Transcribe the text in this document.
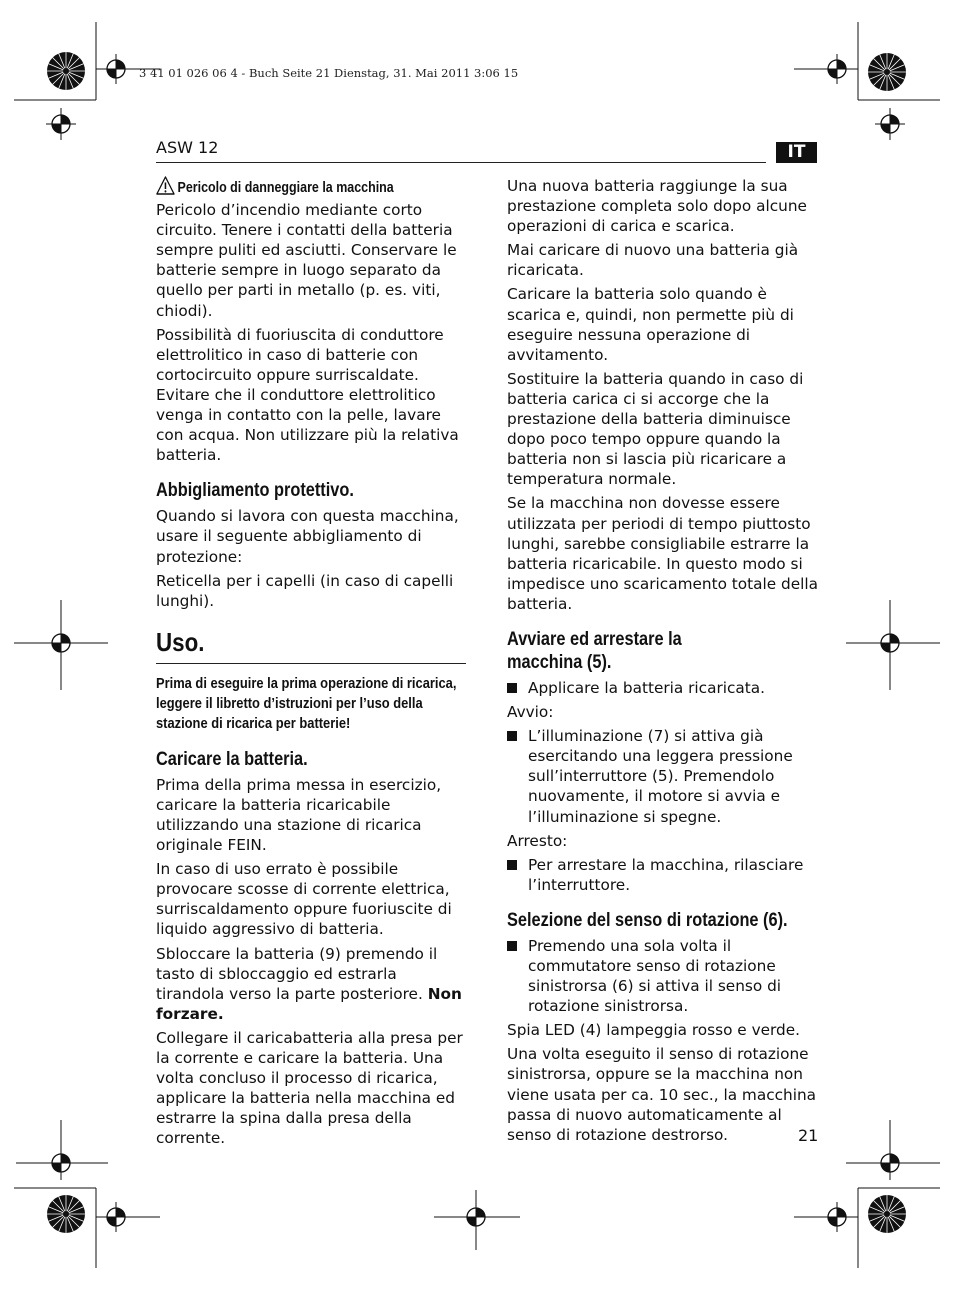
3 41 01 026 06 4 - Buch Seite 21 Dienstag, 31. Mai 2011 3:06 15
ASW 12	IT
Pericolo di danneggiare la macchina

Pericolo d’incendio mediante corto circuito. Tenere i contatti della batteria sempre puliti ed asciutti. Conservare le batterie sempre in luogo separato da quello per parti in metallo (p. es. viti, chiodi).

Possibilità di fuoriuscita di conduttore elettrolitico in caso di batterie con cortocircuito oppure surriscaldate. Evitare che il conduttore elettrolitico venga in contatto con la pelle, lavare con acqua. Non utilizzare più la relativa batteria.

Abbigliamento protettivo.

Quando si lavora con questa macchina, usare il seguente abbigliamento di protezione:

Reticella per i capelli (in caso di capelli lunghi).

Uso.
Prima di eseguire la prima operazione di ricarica, leggere il libretto d’istruzioni per l’uso della stazione di ricarica per batterie!
Caricare la batteria.

Prima della prima messa in esercizio, caricare la batteria ricaricabile utilizzando una stazione di ricarica originale FEIN.

In caso di uso errato è possibile provocare scosse di corrente elettrica, surriscaldamento oppure fuoriuscite di liquido aggressivo di batteria.

Sbloccare la batteria (9) premendo il tasto di sbloccaggio ed estrarla tirandola verso la parte posteriore. Non forzare.

Collegare il caricabatteria alla presa per la corrente e caricare la batteria. Una volta concluso il processo di ricarica, applicare la batteria nella macchina ed estrarre la spina dalla presa della corrente.

Una nuova batteria raggiunge la sua prestazione completa solo dopo alcune operazioni di carica e scarica.

Mai caricare di nuovo una batteria già ricaricata.

Caricare la batteria solo quando è scarica e, quindi, non permette più di eseguire nessuna operazione di avvitamento.

Sostituire la batteria quando in caso di batteria carica ci si accorge che la prestazione della batteria diminuisce dopo poco tempo oppure quando la batteria non si lascia più ricaricare a temperatura normale.

Se la macchina non dovesse essere utilizzata per periodi di tempo piuttosto lunghi, sarebbe consigliabile estrarre la batteria ricaricabile. In questo modo si impedisce uno scaricamento totale della batteria.

Avviare ed arrestare la macchina (5).
Applicare la batteria ricaricata.

Avvio:

L’illuminazione (7) si attiva già esercitando una leggera pressione sull’interruttore (5). Premendolo nuovamente, il motore si avvia e l’illuminazione si spegne.

Arresto:

Per arrestare la macchina, rilasciare l’interruttore.
Selezione del senso di rotazione (6).
Premendo una sola volta il commutatore senso di rotazione sinistrorsa (6) si attiva il senso di rotazione sinistrorsa.

Spia LED (4) lampeggia rosso e verde.

Una volta eseguito il senso di rotazione sinistrorsa, oppure se la macchina non viene usata per ca. 10 sec., la macchina passa di nuovo automaticamente al senso di rotazione destrorso.	21
